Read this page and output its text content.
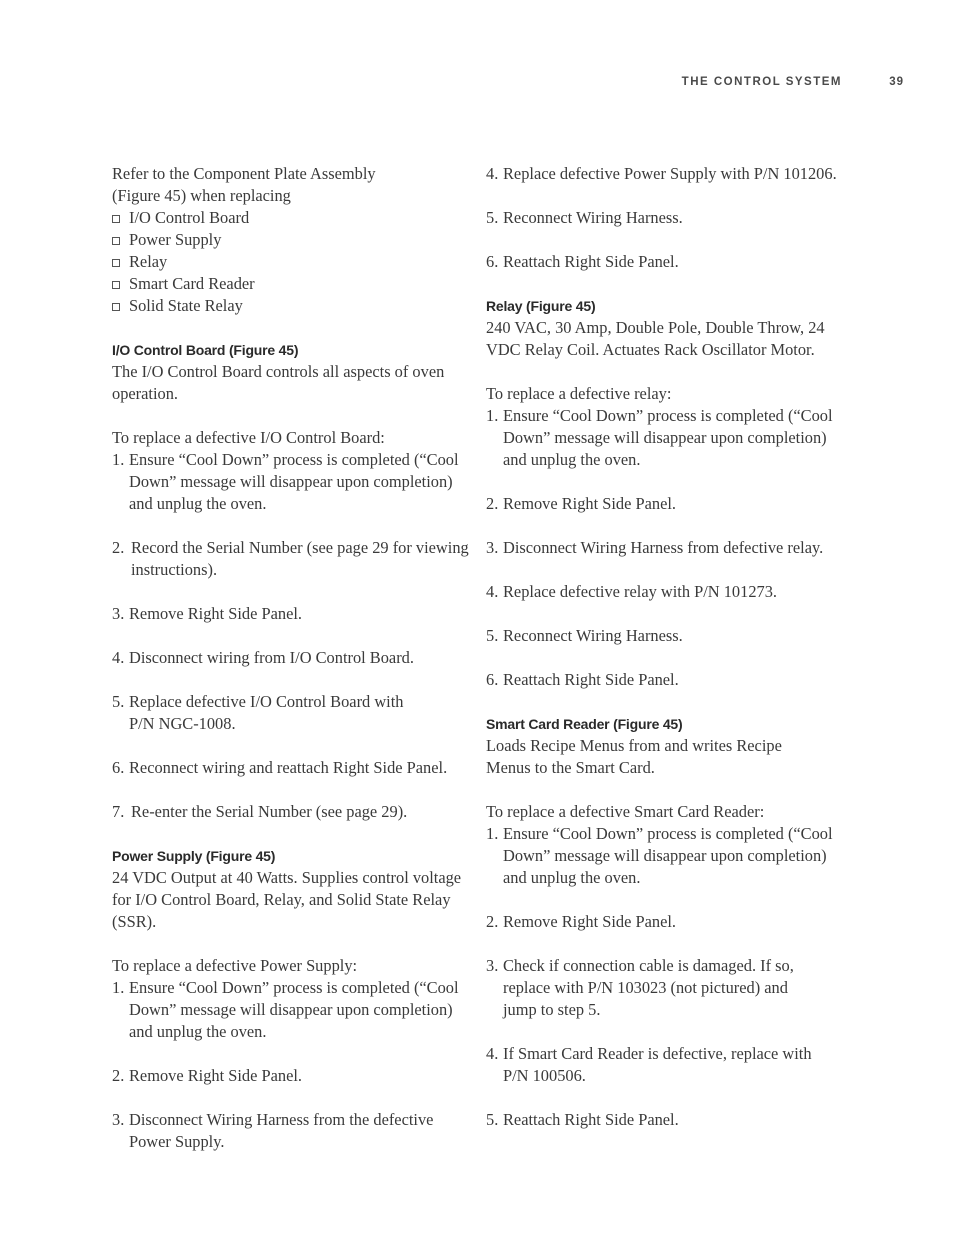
THE CONTROL SYSTEM	39

Refer to the Component Plate Assembly (Figure 45) when replacing

I/O Control Board
Power Supply
Relay
Smart Card Reader
Solid State Relay
I/O Control Board (Figure 45)

The I/O Control Board controls all aspects of oven operation.

To replace a defective I/O Control Board:

1. Ensure “Cool Down” process is completed (“Cool Down” message will disappear upon completion) and unplug the oven.
2. Record the Serial Number (see page 29 for viewing instructions).
3. Remove Right Side Panel.
4. Disconnect wiring from I/O Control Board.
5. Replace defective I/O Control Board with P/N NGC-1008.
6. Reconnect wiring and reattach Right Side Panel.
7. Re-enter the Serial Number (see page 29).
Power Supply (Figure 45)

24 VDC Output at 40 Watts. Supplies control voltage for I/O Control Board, Relay, and Solid State Relay (SSR).

To replace a defective Power Supply:

1. Ensure “Cool Down” process is completed (“Cool Down” message will disappear upon completion) and unplug the oven.
2. Remove Right Side Panel.
3. Disconnect Wiring Harness from the defective Power Supply.
4. Replace defective Power Supply with P/N 101206.
5. Reconnect Wiring Harness.
6. Reattach Right Side Panel.
Relay (Figure 45)

240 VAC, 30 Amp, Double Pole, Double Throw, 24 VDC Relay Coil. Actuates Rack Oscillator Motor.

To replace a defective relay:

1. Ensure “Cool Down” process is completed (“Cool Down” message will disappear upon completion) and unplug the oven.
2. Remove Right Side Panel.
3. Disconnect Wiring Harness from defective relay.
4. Replace defective relay with P/N 101273.
5. Reconnect Wiring Harness.
6. Reattach Right Side Panel.
Smart Card Reader (Figure 45)

Loads Recipe Menus from and writes Recipe Menus to the Smart Card.

To replace a defective Smart Card Reader:

1. Ensure “Cool Down” process is completed (“Cool Down” message will disappear upon completion) and unplug the oven.
2. Remove Right Side Panel.
3. Check if connection cable is damaged. If so, replace with P/N 103023 (not pictured) and jump to step 5.
4. If Smart Card Reader is defective, replace with P/N 100506.
5. Reattach Right Side Panel.
